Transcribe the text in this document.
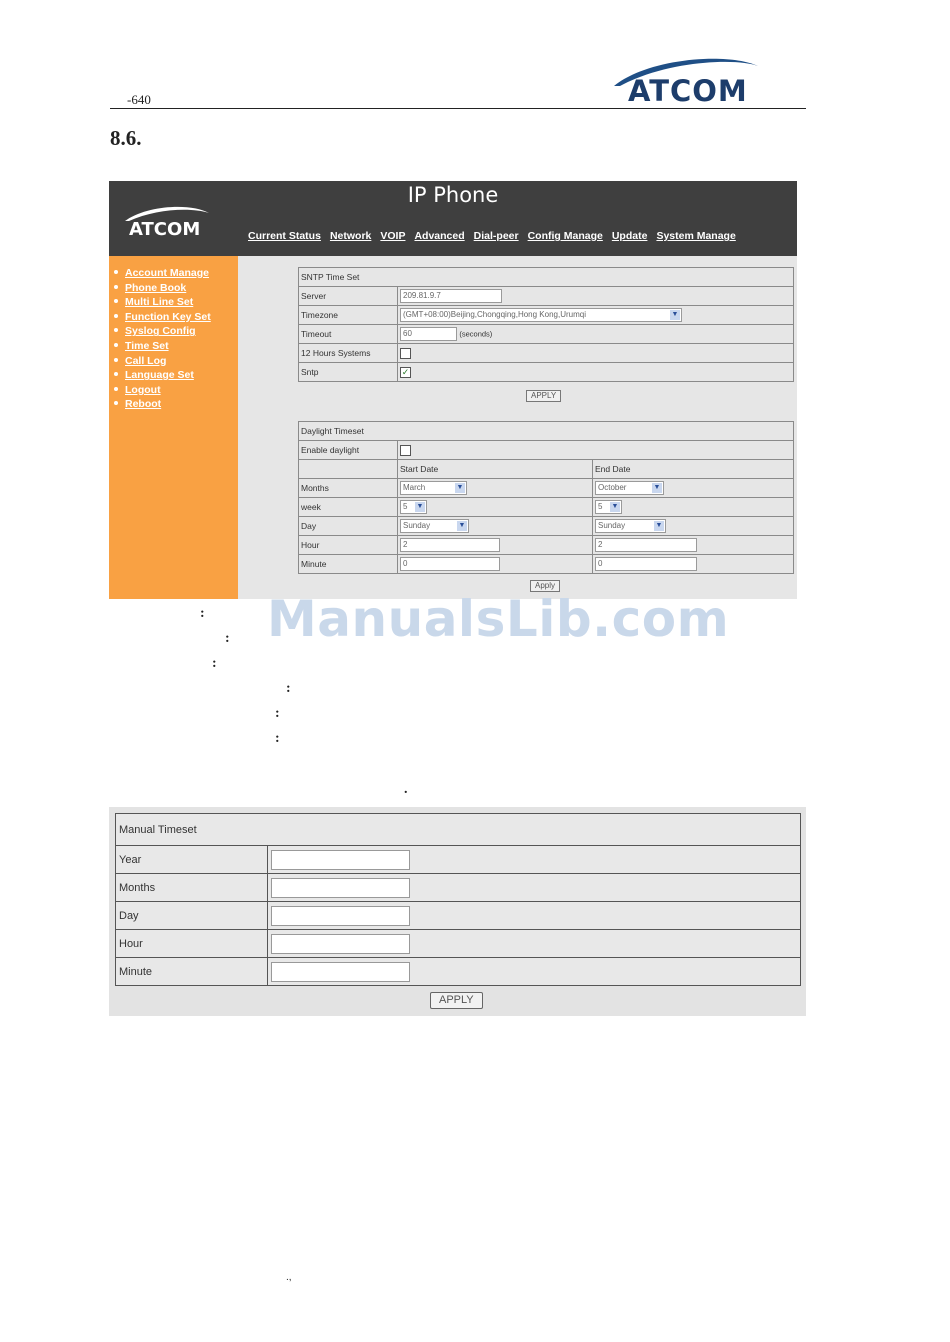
-640	ATCOM
8.6.
IP Phone
ATCOM	Current Status Network VOIP Advanced Dial-peer Config Manage Update System Manage
Account Manage
Phone Book
Multi Line Set
Function Key Set
Syslog Config
Time Set
Call Log
Language Set
Logout
Reboot
SNTP Time Set	
Server	209.81.9.7
Timezone	(GMT+08:00)Beijing,Chongqing,Hong Kong,Urumqi ▼

Timeout	60 (seconds)
12 Hours Systems	
Sntp	✓
APPLY
Daylight Timeset		
Enable daylight		
	Start Date	End Date
Months	March ▼	October ▼

week	5 ▼	5 ▼

Day	Sunday ▼	Sunday ▼

Hour	2	2
Minute	0	0
Apply
:
:
:
:
:
:
.
ManualsLib.com
Manual Timeset	
Year	
Months	
Day	
Hour	
Minute	
APPLY
.,
